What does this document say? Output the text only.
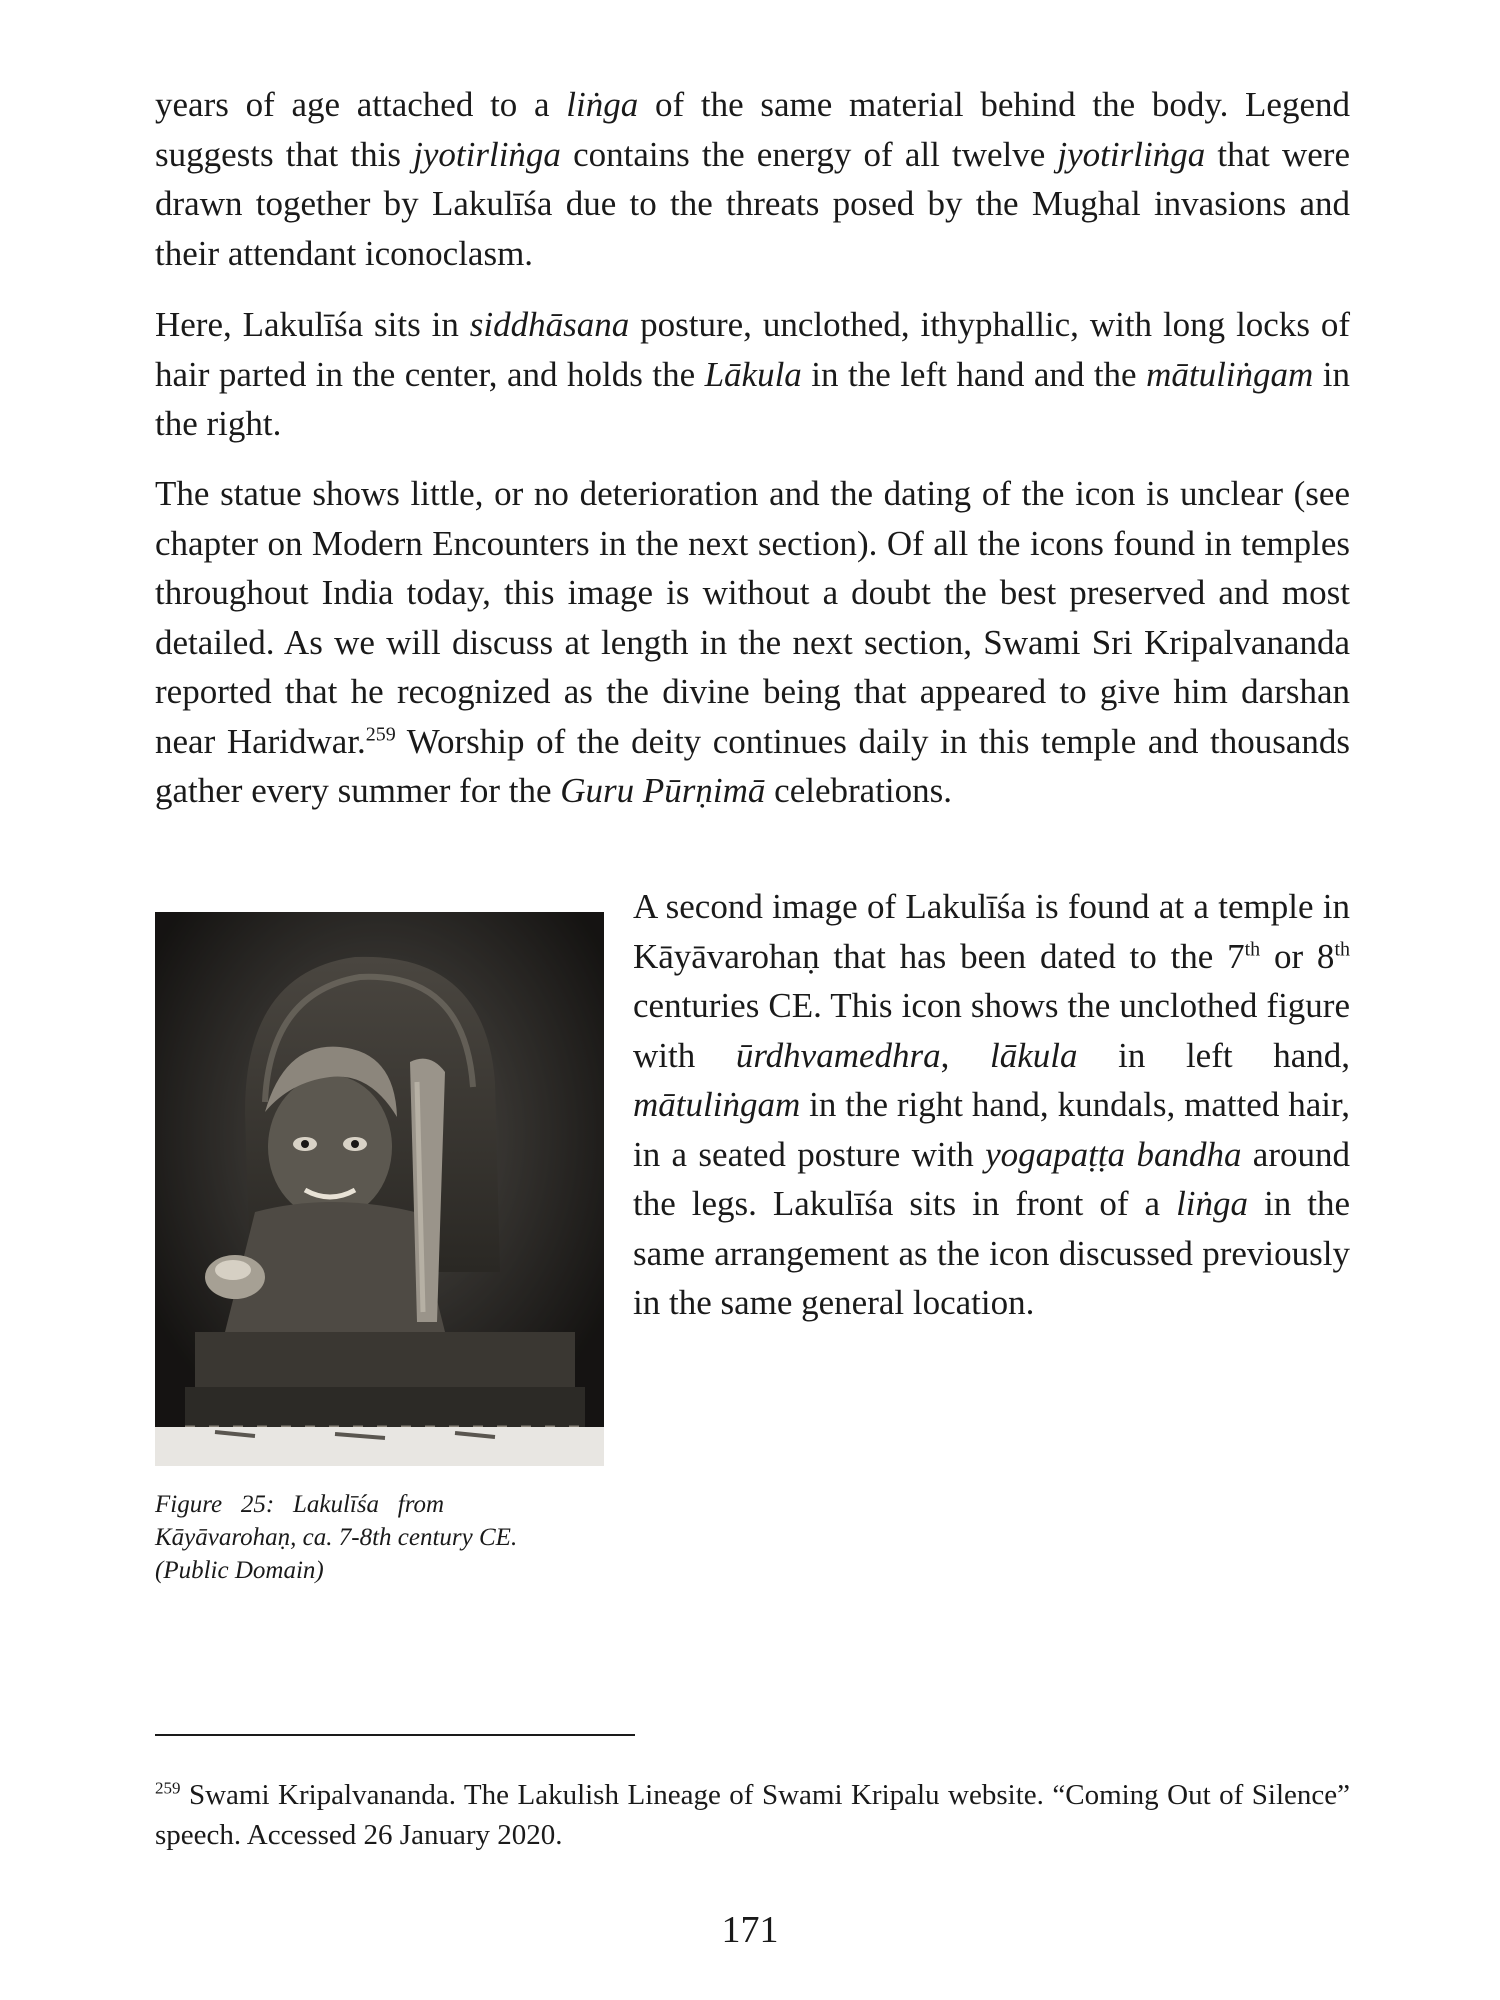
years of age attached to a liṅga of the same material behind the body. Legend suggests that this jyotirliṅga contains the energy of all twelve jyotirliṅga that were drawn together by Lakulīśa due to the threats posed by the Mughal invasions and their attendant iconoclasm.

Here, Lakulīśa sits in siddhāsana posture, unclothed, ithyphallic, with long locks of hair parted in the center, and holds the Lākula in the left hand and the mātuliṅgam in the right.

The statue shows little, or no deterioration and the dating of the icon is unclear (see chapter on Modern Encounters in the next section). Of all the icons found in temples throughout India today, this image is without a doubt the best preserved and most detailed. As we will discuss at length in the next section, Swami Sri Kripalvananda reported that he recognized as the divine being that appeared to give him darshan near Haridwar.$^{259}$ Worship of the deity continues daily in this temple and thousands gather every summer for the Guru Pūrṇimā celebrations.

A second image of Lakulīśa is found at a temple in Kāyāvarohaṇ that has been dated to the 7th or 8th centuries CE. This icon shows the unclothed figure with ūrdhvamedhra, lākula in left hand, mātuliṅgam in the right hand, kundals, matted hair, in a seated posture with yogapaṭṭa bandha around the legs. Lakulīśa sits in front of a liṅga in the same arrangement as the icon discussed previously in the same general location.

Figure   25:   Lakulīśa   from
Kāyāvarohaṇ, ca. 7-8th century CE.
(Public Domain)

$^{259}$ Swami Kripalvananda. The Lakulish Lineage of Swami Kripalu website. “Coming Out of Silence” speech. Accessed 26 January 2020.

171
